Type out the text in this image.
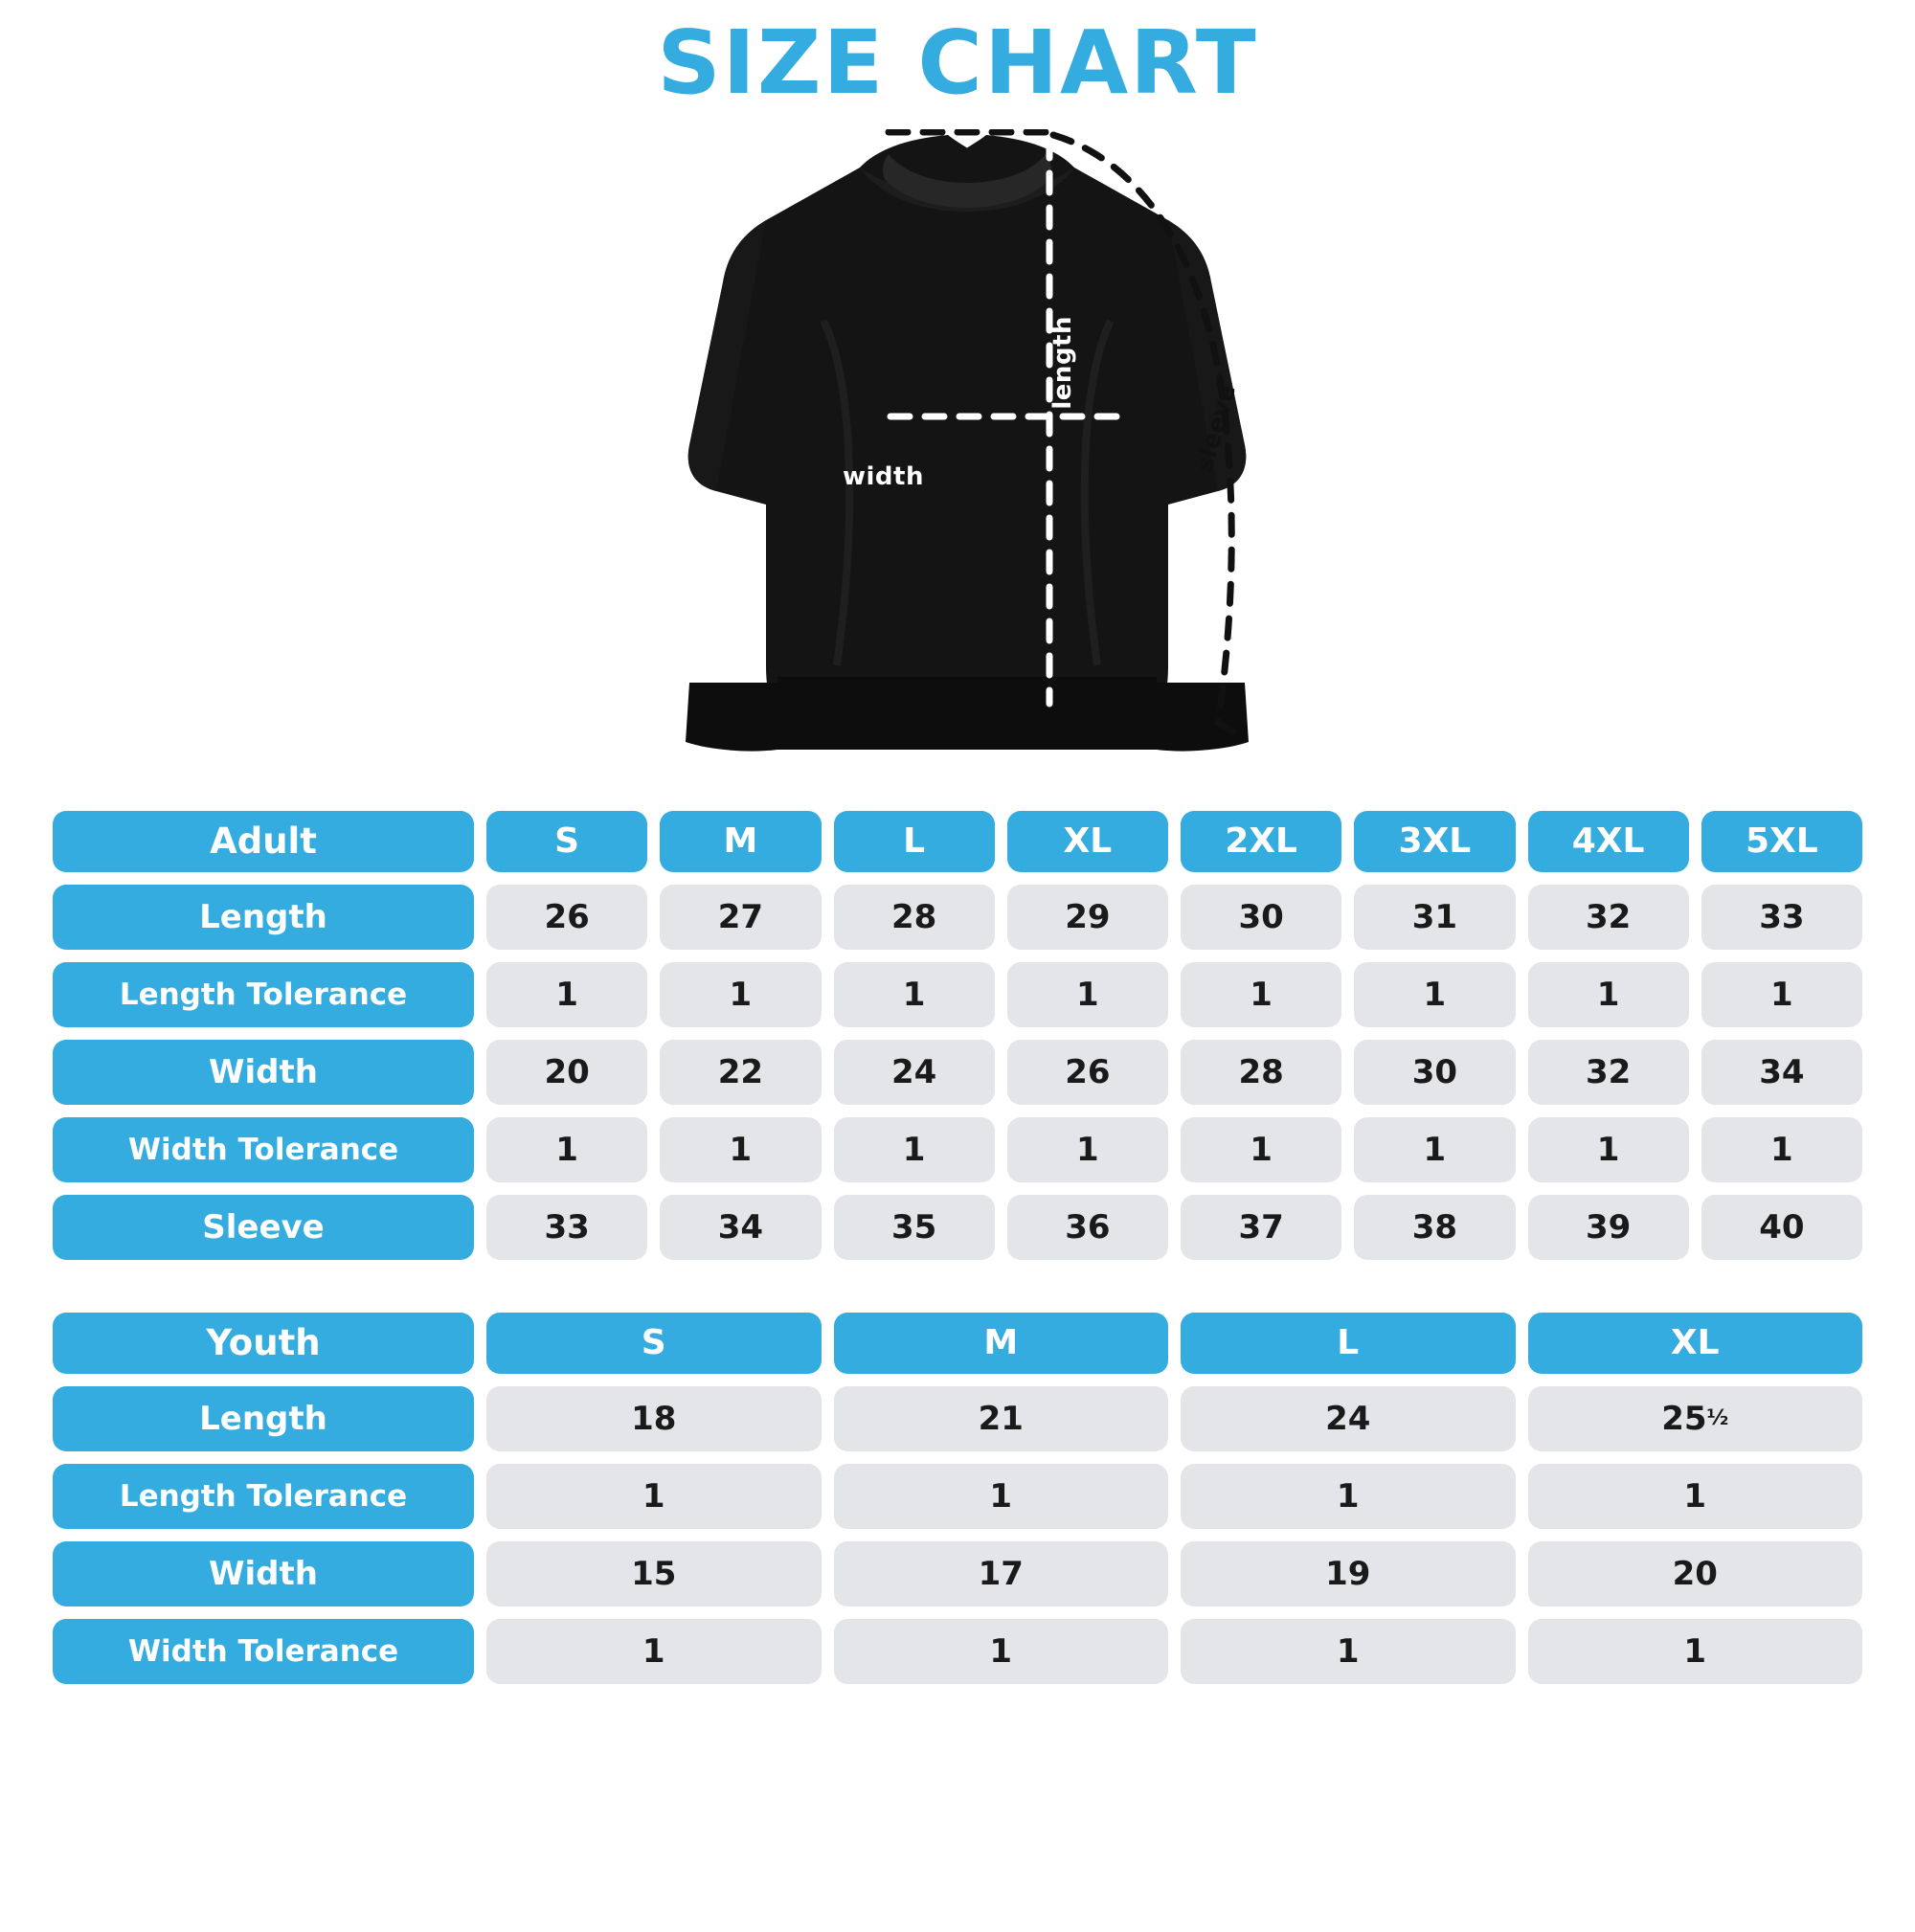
SIZE CHART
width
length
sleeve
Adult	S	M	L	XL	2XL	3XL	4XL	5XL
Length	26	27	28	29	30	31	32	33
Length Tolerance	1	1	1	1	1	1	1	1
Width	20	22	24	26	28	30	32	34
Width Tolerance	1	1	1	1	1	1	1	1
Sleeve	33	34	35	36	37	38	39	40
Youth	S	M	L	XL
Length	18	21	24	25 ½
Length Tolerance	1	1	1	1
Width	15	17	19	20
Width Tolerance	1	1	1	1
